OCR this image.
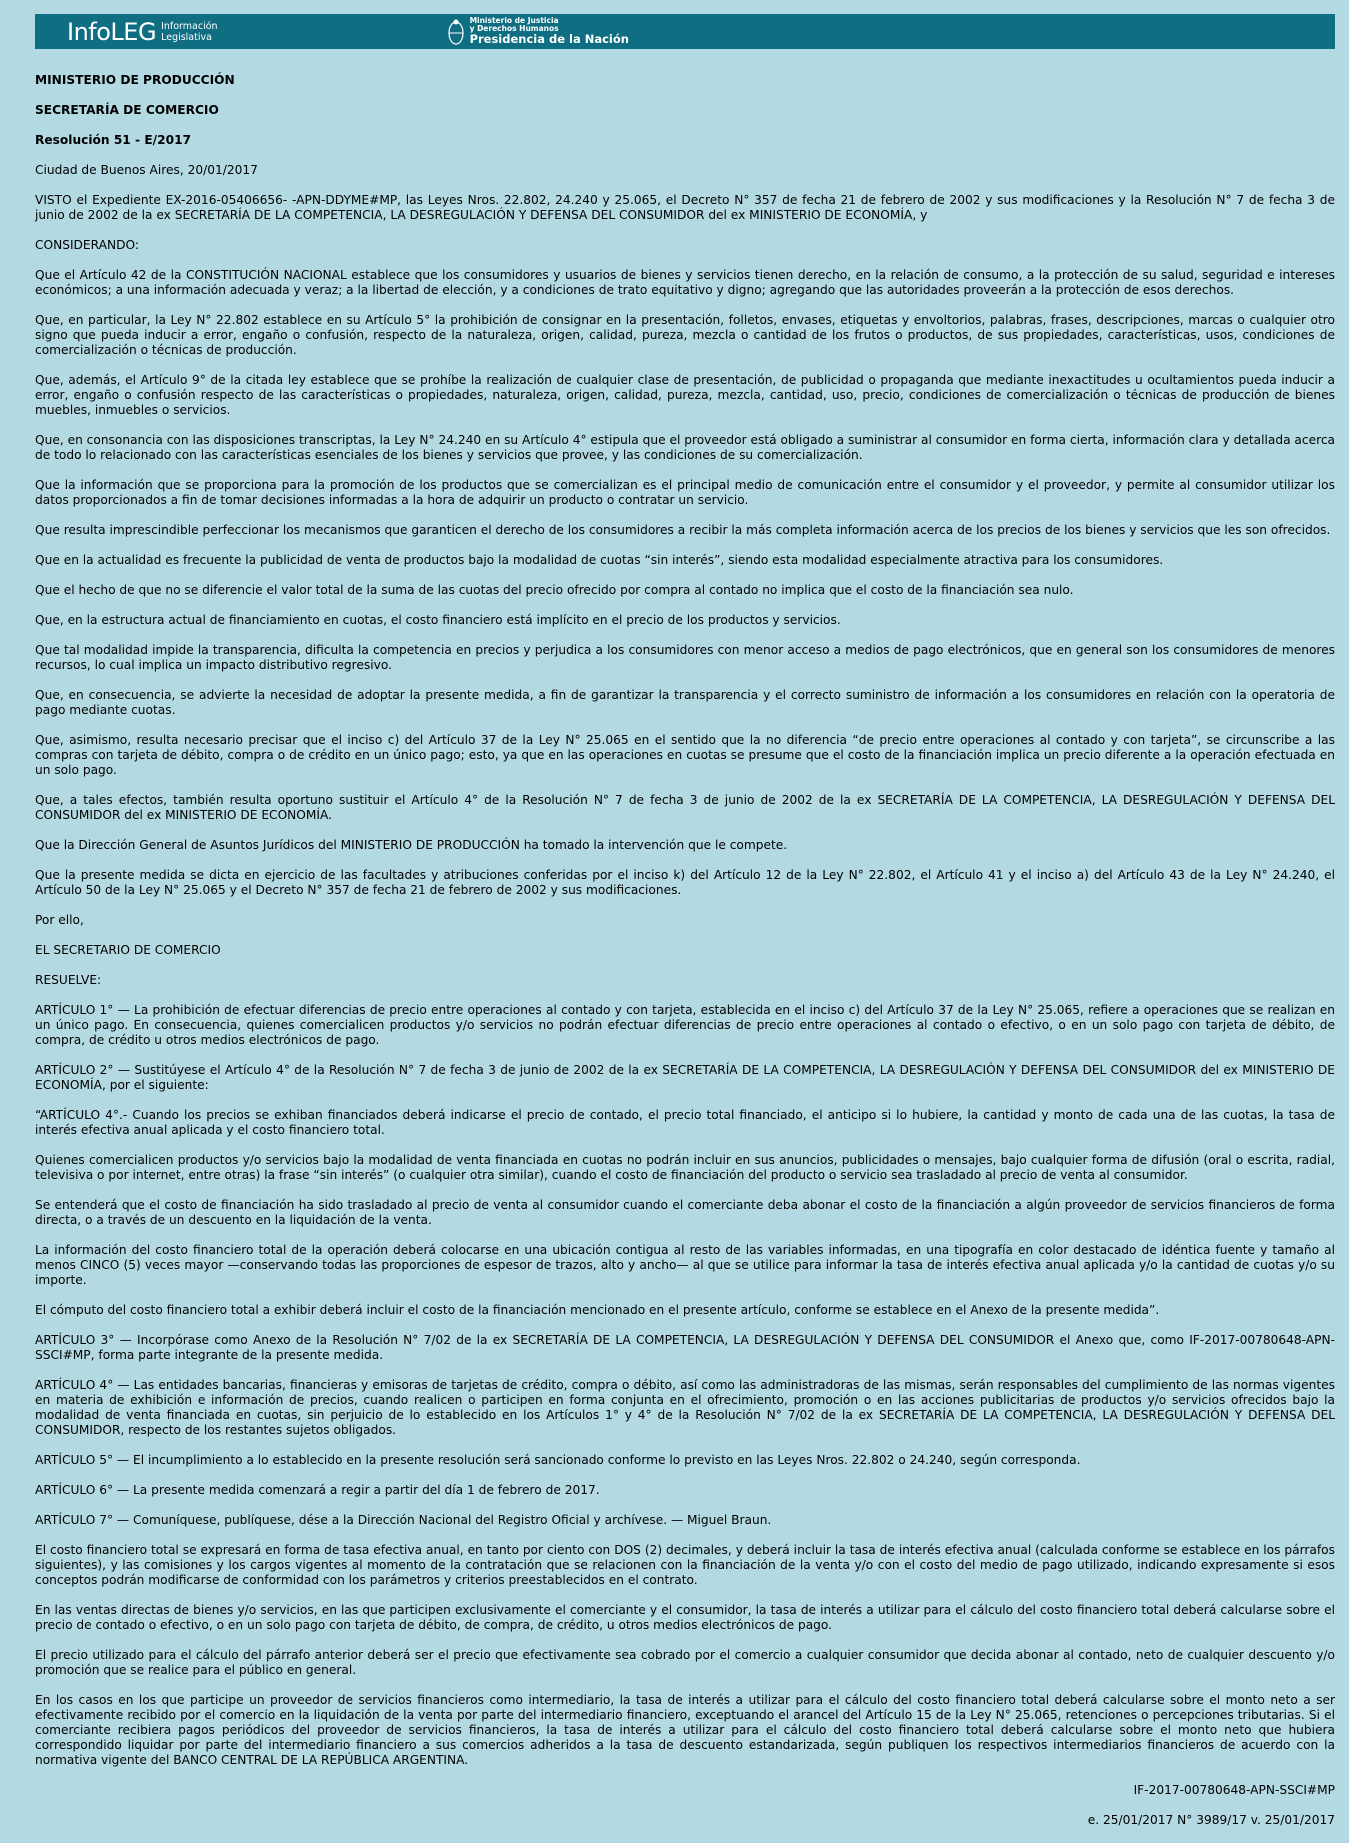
InfoLEG Información
Legislativa
Ministerio de Justicia
y Derechos Humanos
Presidencia de la Nación

MINISTERIO DE PRODUCCIÓN

SECRETARÍA DE COMERCIO

Resolución 51 - E/2017

Ciudad de Buenos Aires, 20/01/2017

VISTO el Expediente EX-2016-05406656- -APN-DDYME#MP, las Leyes Nros. 22.802, 24.240 y 25.065, el Decreto N° 357 de fecha 21 de febrero de 2002 y sus modificaciones y la Resolución N° 7 de fecha 3 de junio de 2002 de la ex SECRETARÍA DE LA COMPETENCIA, LA DESREGULACIÓN Y DEFENSA DEL CONSUMIDOR del ex MINISTERIO DE ECONOMÍA, y

CONSIDERANDO:

Que el Artículo 42 de la CONSTITUCIÓN NACIONAL establece que los consumidores y usuarios de bienes y servicios tienen derecho, en la relación de consumo, a la protección de su salud, seguridad e intereses económicos; a una información adecuada y veraz; a la libertad de elección, y a condiciones de trato equitativo y digno; agregando que las autoridades proveerán a la protección de esos derechos.

Que, en particular, la Ley N° 22.802 establece en su Artículo 5° la prohibición de consignar en la presentación, folletos, envases, etiquetas y envoltorios, palabras, frases, descripciones, marcas o cualquier otro signo que pueda inducir a error, engaño o confusión, respecto de la naturaleza, origen, calidad, pureza, mezcla o cantidad de los frutos o productos, de sus propiedades, características, usos, condiciones de comercialización o técnicas de producción.

Que, además, el Artículo 9° de la citada ley establece que se prohíbe la realización de cualquier clase de presentación, de publicidad o propaganda que mediante inexactitudes u ocultamientos pueda inducir a error, engaño o confusión respecto de las características o propiedades, naturaleza, origen, calidad, pureza, mezcla, cantidad, uso, precio, condiciones de comercialización o técnicas de producción de bienes muebles, inmuebles o servicios.

Que, en consonancia con las disposiciones transcriptas, la Ley N° 24.240 en su Artículo 4° estipula que el proveedor está obligado a suministrar al consumidor en forma cierta, información clara y detallada acerca de todo lo relacionado con las características esenciales de los bienes y servicios que provee, y las condiciones de su comercialización.

Que la información que se proporciona para la promoción de los productos que se comercializan es el principal medio de comunicación entre el consumidor y el proveedor, y permite al consumidor utilizar los datos proporcionados a fin de tomar decisiones informadas a la hora de adquirir un producto o contratar un servicio.

Que resulta imprescindible perfeccionar los mecanismos que garanticen el derecho de los consumidores a recibir la más completa información acerca de los precios de los bienes y servicios que les son ofrecidos.

Que en la actualidad es frecuente la publicidad de venta de productos bajo la modalidad de cuotas “sin interés”, siendo esta modalidad especialmente atractiva para los consumidores.

Que el hecho de que no se diferencie el valor total de la suma de las cuotas del precio ofrecido por compra al contado no implica que el costo de la financiación sea nulo.

Que, en la estructura actual de financiamiento en cuotas, el costo financiero está implícito en el precio de los productos y servicios.

Que tal modalidad impide la transparencia, dificulta la competencia en precios y perjudica a los consumidores con menor acceso a medios de pago electrónicos, que en general son los consumidores de menores recursos, lo cual implica un impacto distributivo regresivo.

Que, en consecuencia, se advierte la necesidad de adoptar la presente medida, a fin de garantizar la transparencia y el correcto suministro de información a los consumidores en relación con la operatoria de pago mediante cuotas.

Que, asimismo, resulta necesario precisar que el inciso c) del Artículo 37 de la Ley N° 25.065 en el sentido que la no diferencia “de precio entre operaciones al contado y con tarjeta”, se circunscribe a las compras con tarjeta de débito, compra o de crédito en un único pago; esto, ya que en las operaciones en cuotas se presume que el costo de la financiación implica un precio diferente a la operación efectuada en un solo pago.

Que, a tales efectos, también resulta oportuno sustituir el Artículo 4° de la Resolución N° 7 de fecha 3 de junio de 2002 de la ex SECRETARÍA DE LA COMPETENCIA, LA DESREGULACIÓN Y DEFENSA DEL CONSUMIDOR del ex MINISTERIO DE ECONOMÍA.

Que la Dirección General de Asuntos Jurídicos del MINISTERIO DE PRODUCCIÓN ha tomado la intervención que le compete.

Que la presente medida se dicta en ejercicio de las facultades y atribuciones conferidas por el inciso k) del Artículo 12 de la Ley N° 22.802, el Artículo 41 y el inciso a) del Artículo 43 de la Ley N° 24.240, el Artículo 50 de la Ley N° 25.065 y el Decreto N° 357 de fecha 21 de febrero de 2002 y sus modificaciones.

Por ello,

EL SECRETARIO DE COMERCIO

RESUELVE:

ARTÍCULO 1° — La prohibición de efectuar diferencias de precio entre operaciones al contado y con tarjeta, establecida en el inciso c) del Artículo 37 de la Ley N° 25.065, refiere a operaciones que se realizan en un único pago. En consecuencia, quienes comercialicen productos y/o servicios no podrán efectuar diferencias de precio entre operaciones al contado o efectivo, o en un solo pago con tarjeta de débito, de compra, de crédito u otros medios electrónicos de pago.

ARTÍCULO 2° — Sustitúyese el Artículo 4° de la Resolución N° 7 de fecha 3 de junio de 2002 de la ex SECRETARÍA DE LA COMPETENCIA, LA DESREGULACIÓN Y DEFENSA DEL CONSUMIDOR del ex MINISTERIO DE ECONOMÍA, por el siguiente:

“ARTÍCULO 4°.- Cuando los precios se exhiban financiados deberá indicarse el precio de contado, el precio total financiado, el anticipo si lo hubiere, la cantidad y monto de cada una de las cuotas, la tasa de interés efectiva anual aplicada y el costo financiero total.

Quienes comercialicen productos y/o servicios bajo la modalidad de venta financiada en cuotas no podrán incluir en sus anuncios, publicidades o mensajes, bajo cualquier forma de difusión (oral o escrita, radial, televisiva o por internet, entre otras) la frase “sin interés” (o cualquier otra similar), cuando el costo de financiación del producto o servicio sea trasladado al precio de venta al consumidor.

Se entenderá que el costo de financiación ha sido trasladado al precio de venta al consumidor cuando el comerciante deba abonar el costo de la financiación a algún proveedor de servicios financieros de forma directa, o a través de un descuento en la liquidación de la venta.

La información del costo financiero total de la operación deberá colocarse en una ubicación contigua al resto de las variables informadas, en una tipografía en color destacado de idéntica fuente y tamaño al menos CINCO (5) veces mayor —conservando todas las proporciones de espesor de trazos, alto y ancho— al que se utilice para informar la tasa de interés efectiva anual aplicada y/o la cantidad de cuotas y/o su importe.

El cómputo del costo financiero total a exhibir deberá incluir el costo de la financiación mencionado en el presente artículo, conforme se establece en el Anexo de la presente medida”.

ARTÍCULO 3° — Incorpórase como Anexo de la Resolución N° 7/02 de la ex SECRETARÍA DE LA COMPETENCIA, LA DESREGULACIÓN Y DEFENSA DEL CONSUMIDOR el Anexo que, como IF-2017-00780648-APN-SSCI#MP, forma parte integrante de la presente medida.

ARTÍCULO 4° — Las entidades bancarias, financieras y emisoras de tarjetas de crédito, compra o débito, así como las administradoras de las mismas, serán responsables del cumplimiento de las normas vigentes en materia de exhibición e información de precios, cuando realicen o participen en forma conjunta en el ofrecimiento, promoción o en las acciones publicitarias de productos y/o servicios ofrecidos bajo la modalidad de venta financiada en cuotas, sin perjuicio de lo establecido en los Artículos 1° y 4° de la Resolución N° 7/02 de la ex SECRETARÍA DE LA COMPETENCIA, LA DESREGULACIÓN Y DEFENSA DEL CONSUMIDOR, respecto de los restantes sujetos obligados.

ARTÍCULO 5° — El incumplimiento a lo establecido en la presente resolución será sancionado conforme lo previsto en las Leyes Nros. 22.802 o 24.240, según corresponda.

ARTÍCULO 6° — La presente medida comenzará a regir a partir del día 1 de febrero de 2017.

ARTÍCULO 7° — Comuníquese, publíquese, dése a la Dirección Nacional del Registro Oficial y archívese. — Miguel Braun.

El costo financiero total se expresará en forma de tasa efectiva anual, en tanto por ciento con DOS (2) decimales, y deberá incluir la tasa de interés efectiva anual (calculada conforme se establece en los párrafos siguientes), y las comisiones y los cargos vigentes al momento de la contratación que se relacionen con la financiación de la venta y/o con el costo del medio de pago utilizado, indicando expresamente si esos conceptos podrán modificarse de conformidad con los parámetros y criterios preestablecidos en el contrato.

En las ventas directas de bienes y/o servicios, en las que participen exclusivamente el comerciante y el consumidor, la tasa de interés a utilizar para el cálculo del costo financiero total deberá calcularse sobre el precio de contado o efectivo, o en un solo pago con tarjeta de débito, de compra, de crédito, u otros medios electrónicos de pago.

El precio utilizado para el cálculo del párrafo anterior deberá ser el precio que efectivamente sea cobrado por el comercio a cualquier consumidor que decida abonar al contado, neto de cualquier descuento y/o promoción que se realice para el público en general.

En los casos en los que participe un proveedor de servicios financieros como intermediario, la tasa de interés a utilizar para el cálculo del costo financiero total deberá calcularse sobre el monto neto a ser efectivamente recibido por el comercio en la liquidación de la venta por parte del intermediario financiero, exceptuando el arancel del Artículo 15 de la Ley N° 25.065, retenciones o percepciones tributarias. Si el comerciante recibiera pagos periódicos del proveedor de servicios financieros, la tasa de interés a utilizar para el cálculo del costo financiero total deberá calcularse sobre el monto neto que hubiera correspondido liquidar por parte del intermediario financiero a sus comercios adheridos a la tasa de descuento estandarizada, según publiquen los respectivos intermediarios financieros de acuerdo con la normativa vigente del BANCO CENTRAL DE LA REPÚBLICA ARGENTINA.

IF-2017-00780648-APN-SSCI#MP

e. 25/01/2017 N° 3989/17 v. 25/01/2017
